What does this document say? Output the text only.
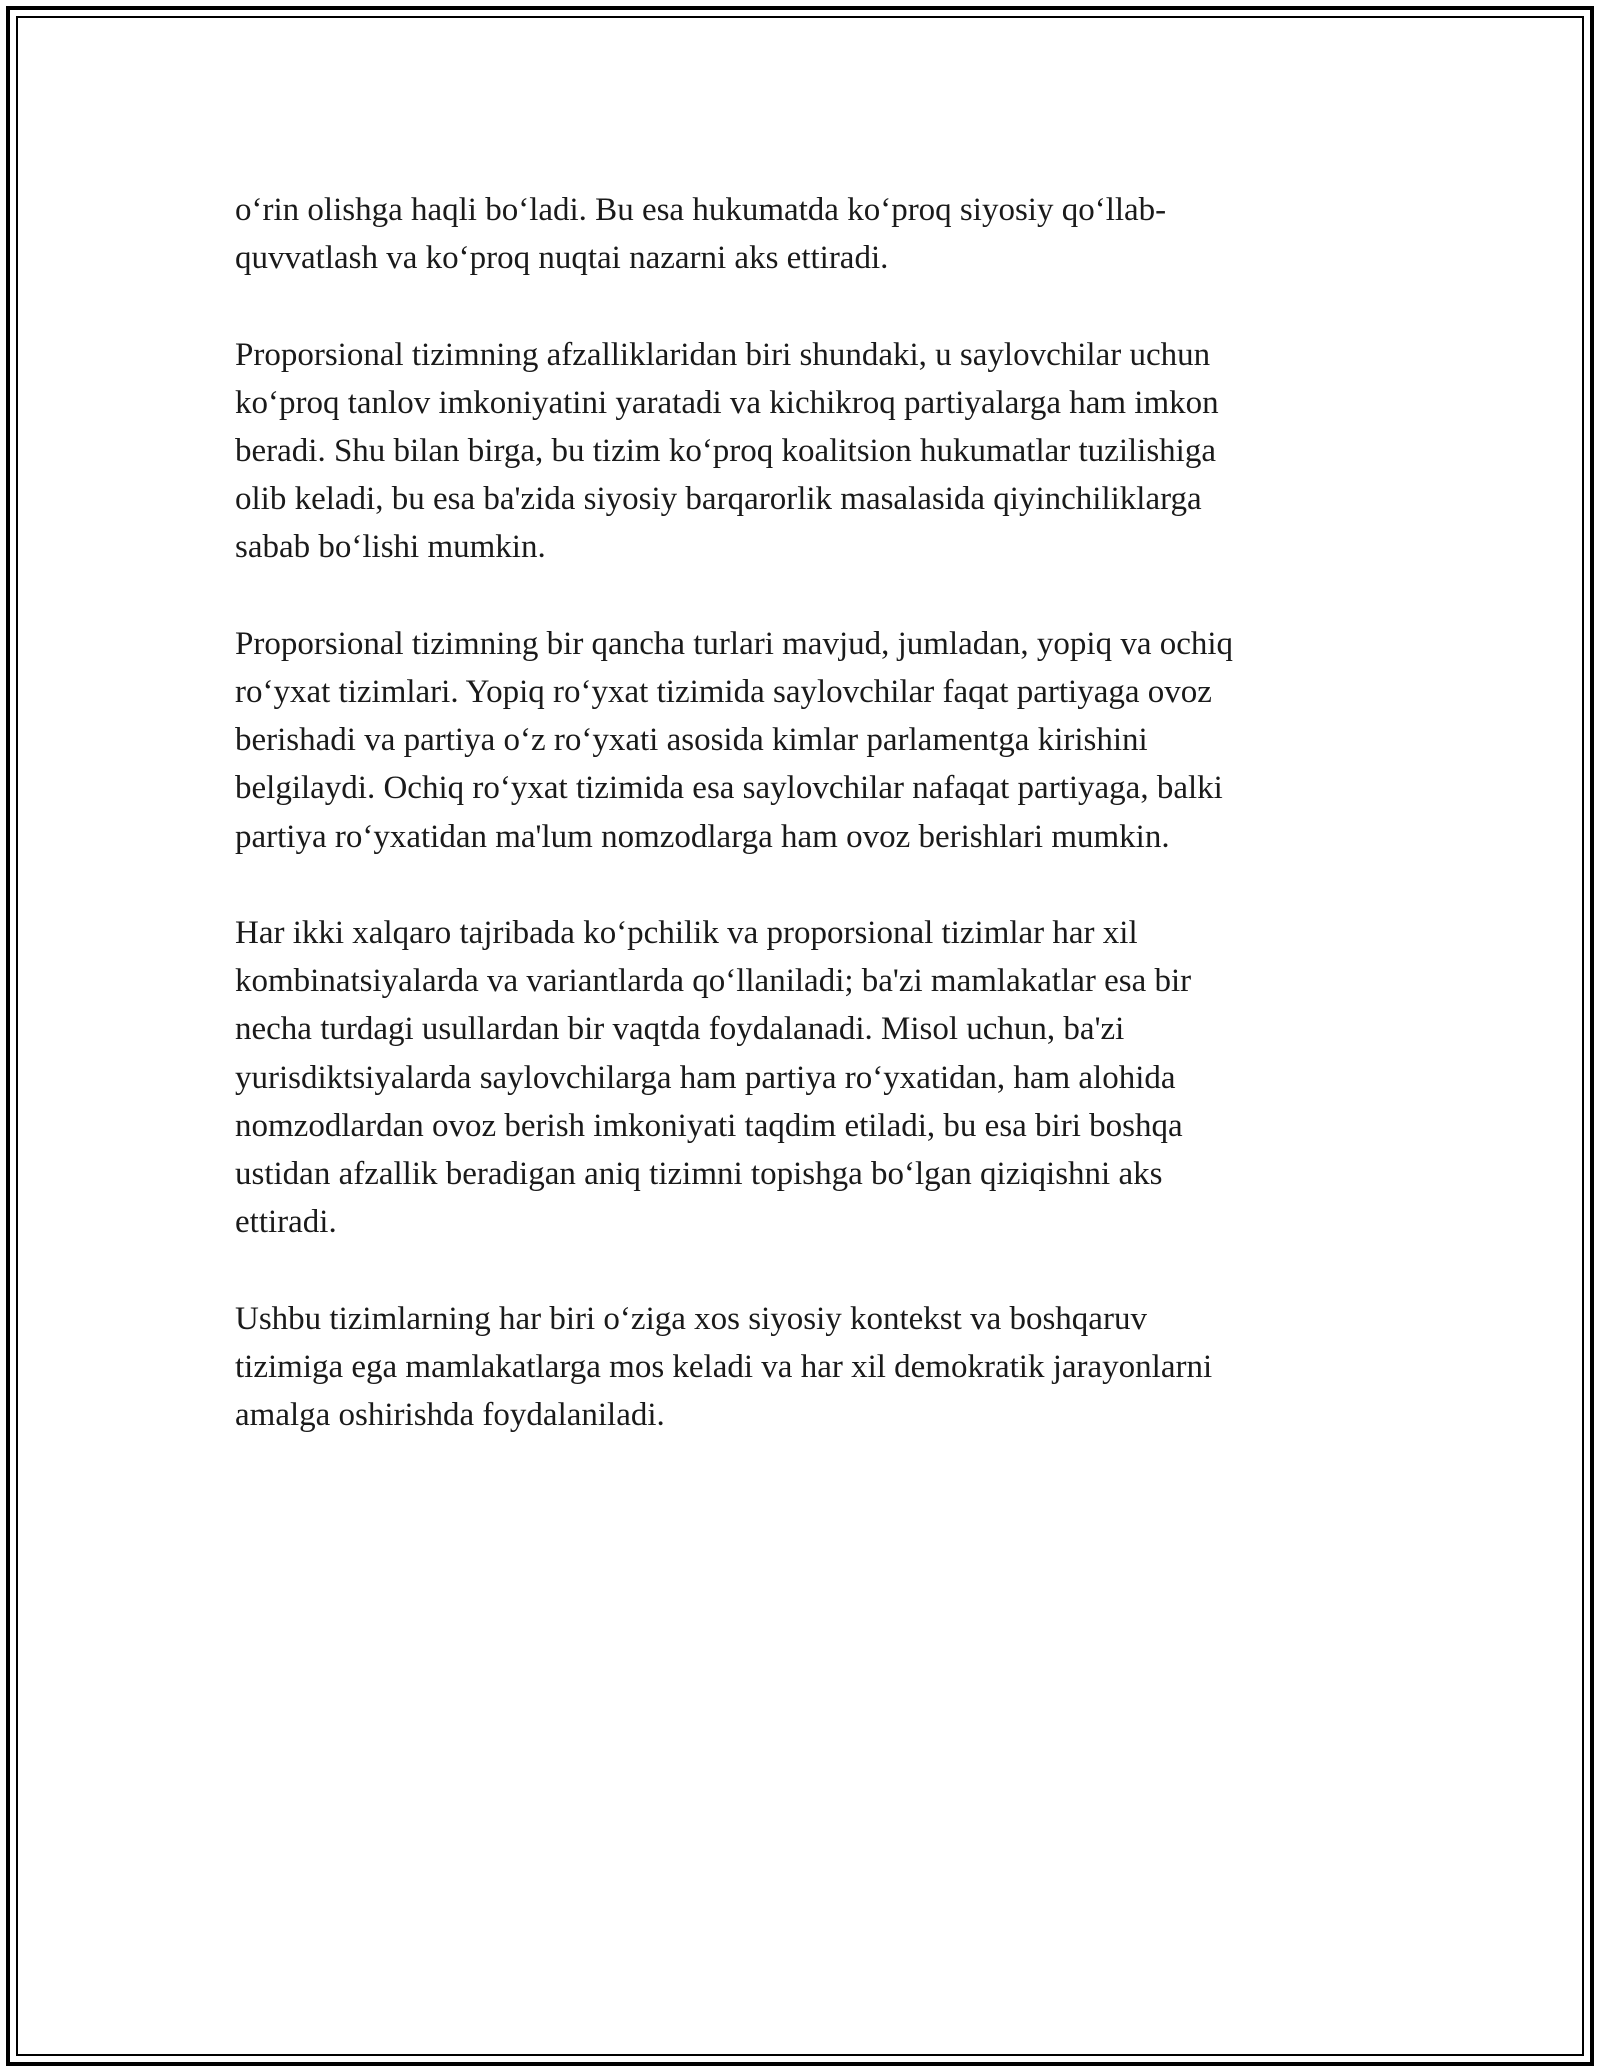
o‘rin olishga haqli bo‘ladi. Bu esa hukumatda ko‘proq siyosiy qo‘llab-
quvvatlash va ko‘proq nuqtai nazarni aks ettiradi.

Proporsional tizimning afzalliklaridan biri shundaki, u saylovchilar uchun
ko‘proq tanlov imkoniyatini yaratadi va kichikroq partiyalarga ham imkon
beradi. Shu bilan birga, bu tizim ko‘proq koalitsion hukumatlar tuzilishiga
olib keladi, bu esa ba'zida siyosiy barqarorlik masalasida qiyinchiliklarga
sabab bo‘lishi mumkin.

Proporsional tizimning bir qancha turlari mavjud, jumladan, yopiq va ochiq
ro‘yxat tizimlari. Yopiq ro‘yxat tizimida saylovchilar faqat partiyaga ovoz
berishadi va partiya o‘z ro‘yxati asosida kimlar parlamentga kirishini
belgilaydi. Ochiq ro‘yxat tizimida esa saylovchilar nafaqat partiyaga, balki
partiya ro‘yxatidan ma'lum nomzodlarga ham ovoz berishlari mumkin.

Har ikki xalqaro tajribada ko‘pchilik va proporsional tizimlar har xil
kombinatsiyalarda va variantlarda qo‘llaniladi; ba'zi mamlakatlar esa bir
necha turdagi usullardan bir vaqtda foydalanadi. Misol uchun, ba'zi
yurisdiktsiyalarda saylovchilarga ham partiya ro‘yxatidan, ham alohida
nomzodlardan ovoz berish imkoniyati taqdim etiladi, bu esa biri boshqa
ustidan afzallik beradigan aniq tizimni topishga bo‘lgan qiziqishni aks
ettiradi.

Ushbu tizimlarning har biri o‘ziga xos siyosiy kontekst va boshqaruv
tizimiga ega mamlakatlarga mos keladi va har xil demokratik jarayonlarni
amalga oshirishda foydalaniladi.
